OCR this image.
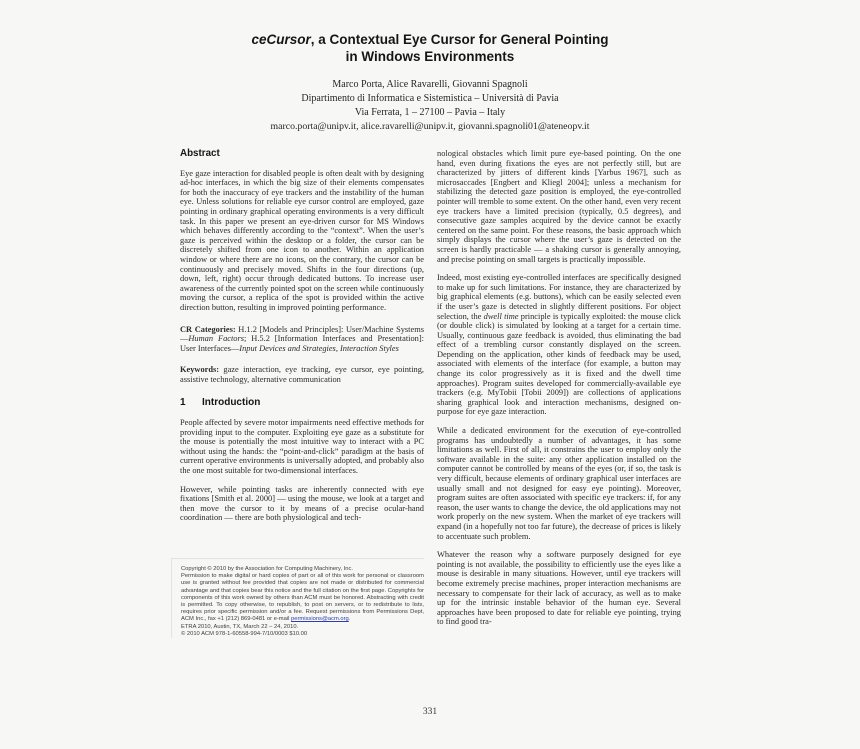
ceCursor, a Contextual Eye Cursor for General Pointing
in Windows Environments
Marco Porta, Alice Ravarelli, Giovanni Spagnoli
Dipartimento di Informatica e Sistemistica – Università di Pavia
Via Ferrata, 1 – 27100 – Pavia – Italy
marco.porta@unipv.it, alice.ravarelli@unipv.it, giovanni.spagnoli01@ateneopv.it
Abstract

Eye gaze interaction for disabled people is often dealt with by designing ad-hoc interfaces, in which the big size of their elements compensates for both the inaccuracy of eye trackers and the instability of the human eye. Unless solutions for reliable eye cursor control are employed, gaze pointing in ordinary graphical operating environments is a very difficult task. In this paper we present an eye-driven cursor for MS Windows which behaves differently according to the “context”. When the user’s gaze is perceived within the desktop or a folder, the cursor can be discretely shifted from one icon to another. Within an application window or where there are no icons, on the contrary, the cursor can be continuously and precisely moved. Shifts in the four directions (up, down, left, right) occur through dedicated buttons. To increase user awareness of the currently pointed spot on the screen while continuously moving the cursor, a replica of the spot is provided within the active direction button, resulting in improved pointing performance.

CR Categories: H.1.2 [Models and Principles]: User/Machine Systems—Human Factors; H.5.2 [Information Interfaces and Presentation]: User Interfaces—Input Devices and Strategies, Interaction Styles

Keywords: gaze interaction, eye tracking, eye cursor, eye pointing, assistive technology, alternative communication

1 Introduction

People affected by severe motor impairments need effective methods for providing input to the computer. Exploiting eye gaze as a substitute for the mouse is potentially the most intuitive way to interact with a PC without using the hands: the “point-and-click” paradigm at the basis of current operative environments is universally adopted, and probably also the one most suitable for two-dimensional interfaces.

However, while pointing tasks are inherently connected with eye fixations [Smith et al. 2000] — using the mouse, we look at a target and then move the cursor to it by means of a precise ocular-hand coordination — there are both physiological and tech-

Copyright © 2010 by the Association for Computing Machinery, Inc.
Permission to make digital or hard copies of part or all of this work for personal or classroom use is granted without fee provided that copies are not made or distributed for commercial advantage and that copies bear this notice and the full citation on the first page. Copyrights for components of this work owned by others than ACM must be honored. Abstracting with credit is permitted. To copy otherwise, to republish, to post on servers, or to redistribute to lists, requires prior specific permission and/or a fee. Request permissions from Permissions Dept, ACM Inc., fax +1 (212) 869-0481 or e-mail permissions@acm.org.
ETRA 2010, Austin, TX, March 22 – 24, 2010.
© 2010 ACM 978-1-60558-994-7/10/0003 $10.00

nological obstacles which limit pure eye-based pointing. On the one hand, even during fixations the eyes are not perfectly still, but are characterized by jitters of different kinds [Yarbus 1967], such as microsaccades [Engbert and Kliegl 2004]; unless a mechanism for stabilizing the detected gaze position is employed, the eye-controlled pointer will tremble to some extent. On the other hand, even very recent eye trackers have a limited precision (typically, 0.5 degrees), and consecutive gaze samples acquired by the device cannot be exactly centered on the same point. For these reasons, the basic approach which simply displays the cursor where the user’s gaze is detected on the screen is hardly practicable — a shaking cursor is generally annoying, and precise pointing on small targets is practically impossible.

Indeed, most existing eye-controlled interfaces are specifically designed to make up for such limitations. For instance, they are characterized by big graphical elements (e.g. buttons), which can be easily selected even if the user’s gaze is detected in slightly different positions. For object selection, the dwell time principle is typically exploited: the mouse click (or double click) is simulated by looking at a target for a certain time. Usually, continuous gaze feedback is avoided, thus eliminating the bad effect of a trembling cursor constantly displayed on the screen. Depending on the application, other kinds of feedback may be used, associated with elements of the interface (for example, a button may change its color progressively as it is fixed and the dwell time approaches). Program suites developed for commercially-available eye trackers (e.g. MyTobii [Tobii 2009]) are collections of applications sharing graphical look and interaction mechanisms, designed on-purpose for eye gaze interaction.

While a dedicated environment for the execution of eye-controlled programs has undoubtedly a number of advantages, it has some limitations as well. First of all, it constrains the user to employ only the software available in the suite: any other application installed on the computer cannot be controlled by means of the eyes (or, if so, the task is very difficult, because elements of ordinary graphical user interfaces are usually small and not designed for easy eye pointing). Moreover, program suites are often associated with specific eye trackers: if, for any reason, the user wants to change the device, the old applications may not work properly on the new system. When the market of eye trackers will expand (in a hopefully not too far future), the decrease of prices is likely to accentuate such problem.

Whatever the reason why a software purposely designed for eye pointing is not available, the possibility to efficiently use the eyes like a mouse is desirable in many situations. However, until eye trackers will become extremely precise machines, proper interaction mechanisms are necessary to compensate for their lack of accuracy, as well as to make up for the intrinsic instable behavior of the human eye. Several approaches have been proposed to date for reliable eye pointing, trying to find good tra-

331
